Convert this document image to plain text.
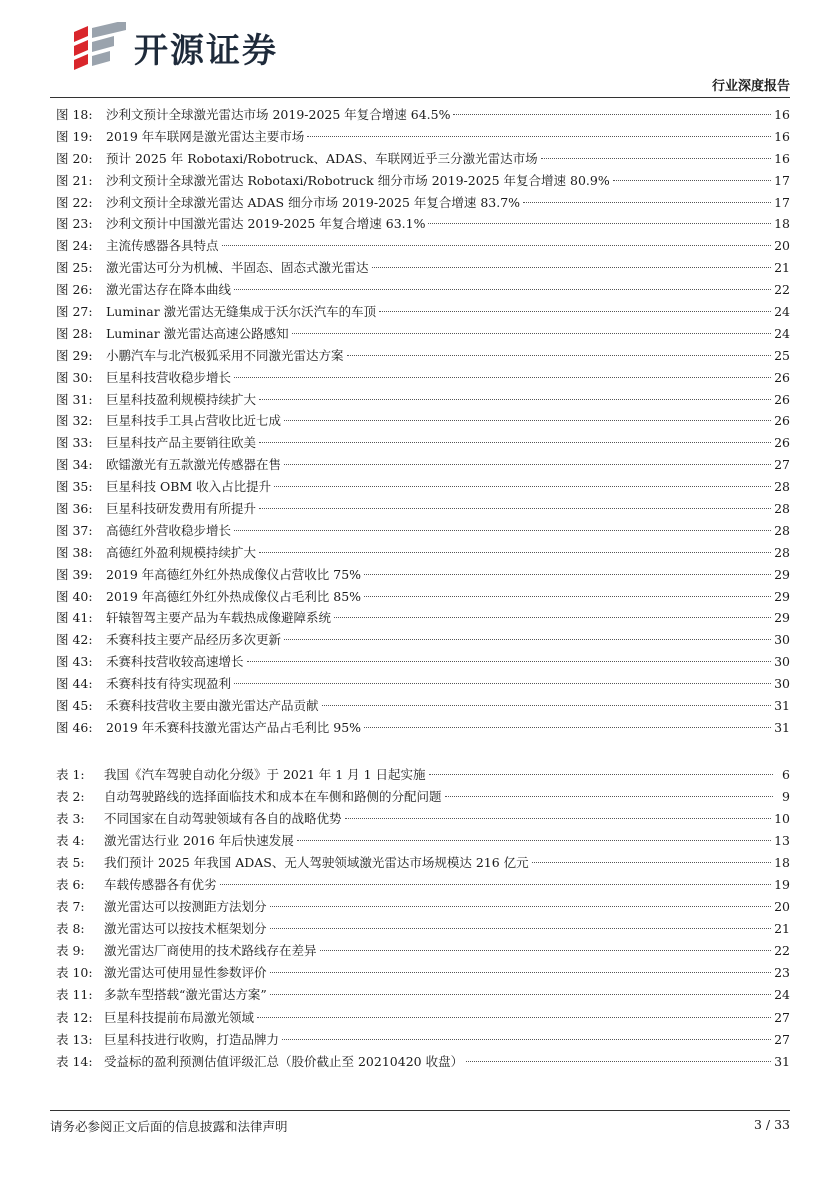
开源证券
行业深度报告
图 18:	沙利文预计全球激光雷达市场 2019-2025 年复合增速 64.5%	16
图 19:	2019 年车联网是激光雷达主要市场	16
图 20:	预计 2025 年 Robotaxi/Robotruck、ADAS、车联网近乎三分激光雷达市场	16
图 21:	沙利文预计全球激光雷达 Robotaxi/Robotruck 细分市场 2019-2025 年复合增速 80.9%	17
图 22:	沙利文预计全球激光雷达 ADAS 细分市场 2019-2025 年复合增速 83.7%	17
图 23:	沙利文预计中国激光雷达 2019-2025 年复合增速 63.1%	18
图 24:	主流传感器各具特点	20
图 25:	激光雷达可分为机械、半固态、固态式激光雷达	21
图 26:	激光雷达存在降本曲线	22
图 27:	Luminar 激光雷达无缝集成于沃尔沃汽车的车顶	24
图 28:	Luminar 激光雷达高速公路感知	24
图 29:	小鹏汽车与北汽极狐采用不同激光雷达方案	25
图 30:	巨星科技营收稳步增长	26
图 31:	巨星科技盈利规模持续扩大	26
图 32:	巨星科技手工具占营收比近七成	26
图 33:	巨星科技产品主要销往欧美	26
图 34:	欧镭激光有五款激光传感器在售	27
图 35:	巨星科技 OBM 收入占比提升	28
图 36:	巨星科技研发费用有所提升	28
图 37:	高德红外营收稳步增长	28
图 38:	高德红外盈利规模持续扩大	28
图 39:	2019 年高德红外红外热成像仪占营收比 75%	29
图 40:	2019 年高德红外红外热成像仪占毛利比 85%	29
图 41:	轩辕智驾主要产品为车载热成像避障系统	29
图 42:	禾赛科技主要产品经历多次更新	30
图 43:	禾赛科技营收较高速增长	30
图 44:	禾赛科技有待实现盈利	30
图 45:	禾赛科技营收主要由激光雷达产品贡献	31
图 46:	2019 年禾赛科技激光雷达产品占毛利比 95%	31
表 1:	我国《汽车驾驶自动化分级》于 2021 年 1 月 1 日起实施	6
表 2:	自动驾驶路线的选择面临技术和成本在车侧和路侧的分配问题	9
表 3:	不同国家在自动驾驶领域有各自的战略优势	10
表 4:	激光雷达行业 2016 年后快速发展	13
表 5:	我们预计 2025 年我国 ADAS、无人驾驶领域激光雷达市场规模达 216 亿元	18
表 6:	车载传感器各有优劣	19
表 7:	激光雷达可以按测距方法划分	20
表 8:	激光雷达可以按技术框架划分	21
表 9:	激光雷达厂商使用的技术路线存在差异	22
表 10: 激光雷达可使用显性参数评价	23
表 11: 多款车型搭载“激光雷达方案”	24
表 12: 巨星科技提前布局激光领域	27
表 13: 巨星科技进行收购，打造品牌力	27
表 14: 受益标的盈利预测估值评级汇总（股价截止至 20210420 收盘）	31
请务必参阅正文后面的信息披露和法律声明	3 / 33
